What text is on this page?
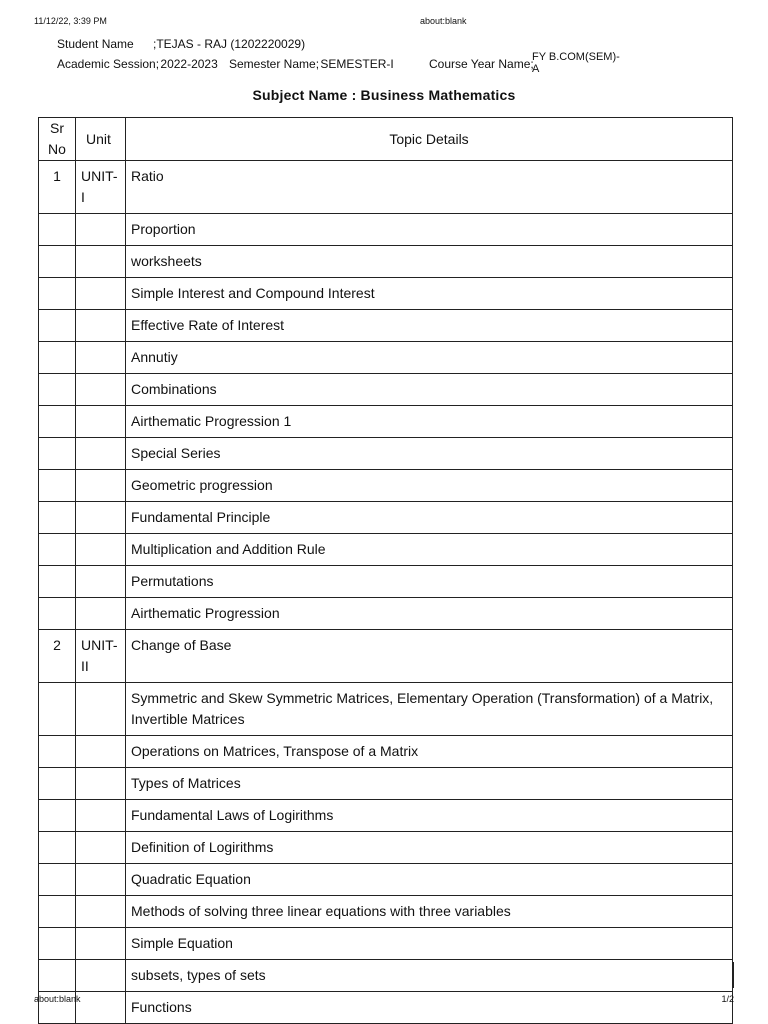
11/12/22, 3:39 PM	about:blank
Student Name ;TEJAS - RAJ (1202220029)
Academic Session; 2022-2023 Semester Name; SEMESTER-I	Course Year Name;
FY B.COM(SEM)-
A
Subject Name : Business Mathematics
Sr
No	Unit	Topic Details
1	UNIT-I	Ratio
		Proportion
		worksheets
		Simple Interest and Compound Interest
		Effective Rate of Interest
		Annutiy
		Combinations
		Airthematic Progression 1
		Special Series
		Geometric progression
		Fundamental Principle
		Multiplication and Addition Rule
		Permutations
		Airthematic Progression
2	UNIT-II	Change of Base
		Symmetric and Skew Symmetric Matrices, Elementary Operation (Transformation) of a Matrix, Invertible Matrices
		Operations on Matrices, Transpose of a Matrix
		Types of Matrices
		Fundamental Laws of Logirithms
		Definition of Logirithms
		Quadratic Equation
		Methods of solving three linear equations with three variables
		Simple Equation
		subsets, types of sets
		Functions
about:blank	1/2
